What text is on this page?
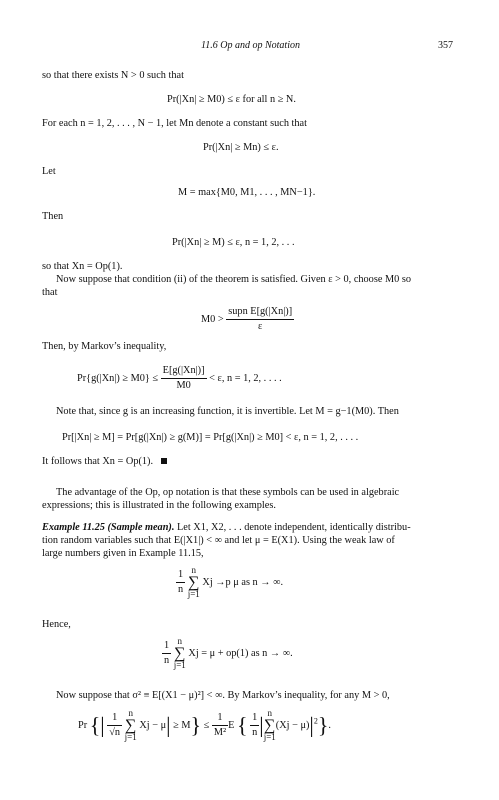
11.6 Op and op Notation	357
so that there exists N > 0 such that
Pr(|Xn| ≥ M0) ≤ ε for all n ≥ N.
For each n = 1, 2, . . . , N − 1, let Mn denote a constant such that
Pr(|Xn| ≥ Mn) ≤ ε.
Let
M = max{M0, M1, . . . , MN−1}.
Then
Pr(|Xn| ≥ M) ≤ ε, n = 1, 2, . . .
so that Xn = Op(1).
Now suppose that condition (ii) of the theorem is satisfied. Given ε > 0, choose M0 so
that
$M0 > \frac{\text{supn E[g(|Xn|)]}}{\varepsilon}$
Then, by Markov’s inequality,
$Pr\{g(|Xn|) \ge M0\} \le \frac{E[g(|Xn|)]}{M0} < \varepsilon$, n = 1, 2, . . . .
Note that, since g is an increasing function, it is invertible. Let M = g−1(M0). Then
Pr[|Xn| ≥ M] = Pr[g(|Xn|) ≥ g(M)] = Pr[g(|Xn|) ≥ M0] < ε, n = 1, 2, . . . .
It follows that Xn = Op(1).
The advantage of the Op, op notation is that these symbols can be used in algebraic
expressions; this is illustrated in the following examples.
Example 11.25 (Sample mean). Let X1, X2, . . . denote independent, identically distribu-
tion random variables such that E(|X1|) < ∞ and let μ = E(X1). Using the weak law of
large numbers given in Example 11.15,
$\frac{1}{n}$ n
∑
j=1 Xj →p μ as n → ∞.
Hence,
$\frac{1}{n}$ n
∑
j=1 Xj = μ + op(1) as n → ∞.
Now suppose that σ² ≡ E[(X1 − μ)²] < ∞. By Markov’s inequality, for any M > 0,
Pr {| $\frac{1}{√n}$ n
∑
j=1 $Xj - \mu| \ge M\} \le \frac{1}{\text{M²}}$ E { $\frac{1}{n}$ | n
∑
$j=1(Xj - \mu)|^2$}.
